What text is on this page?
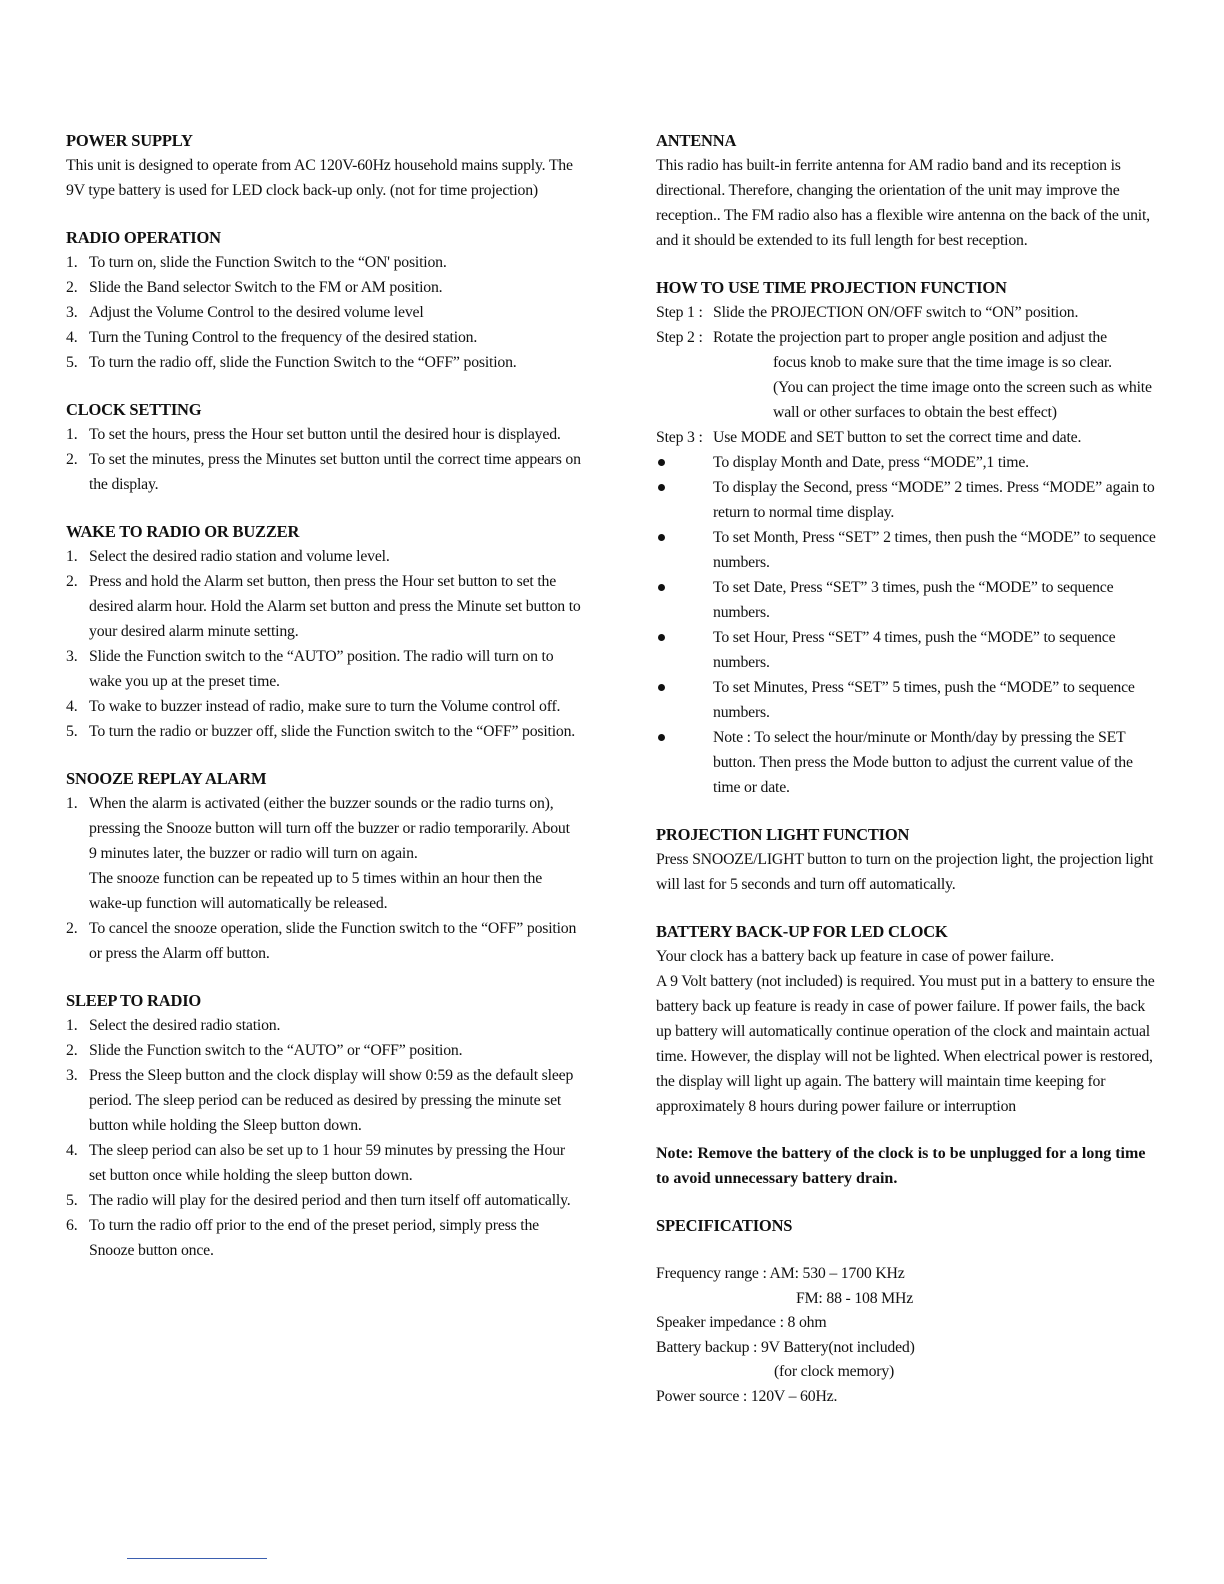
POWER SUPPLY

This unit is designed to operate from AC 120V-60Hz household mains supply. The 9V type battery is used for LED clock back-up only. (not for time projection)

RADIO OPERATION

1. To turn on, slide the Function Switch to the “ON' position.
2. Slide the Band selector Switch to the FM or AM position.
3. Adjust the Volume Control to the desired volume level
4. Turn the Tuning Control to the frequency of the desired station.
5. To turn the radio off, slide the Function Switch to the “OFF” position.

CLOCK SETTING

1. To set the hours, press the Hour set button until the desired hour is displayed.
2. To set the minutes, press the Minutes set button until the correct time appears on the display.

WAKE TO RADIO OR BUZZER

1. Select the desired radio station and volume level.
2. Press and hold the Alarm set button, then press the Hour set button to set the desired alarm hour. Hold the Alarm set button and press the Minute set button to your desired alarm minute setting.
3. Slide the Function switch to the “AUTO” position. The radio will turn on to wake you up at the preset time.
4. To wake to buzzer instead of radio, make sure to turn the Volume control off.
5. To turn the radio or buzzer off, slide the Function switch to the “OFF” position.

SNOOZE REPLAY ALARM

1. When the alarm is activated (either the buzzer sounds or the radio turns on), pressing the Snooze button will turn off the buzzer or radio temporarily. About 9 minutes later, the buzzer or radio will turn on again.
The snooze function can be repeated up to 5 times within an hour then the wake-up function will automatically be released.
2. To cancel the snooze operation, slide the Function switch to the “OFF” position or press the Alarm off button.

SLEEP TO RADIO

1. Select the desired radio station.
2. Slide the Function switch to the “AUTO” or “OFF” position.
3. Press the Sleep button and the clock display will show 0:59 as the default sleep period. The sleep period can be reduced as desired by pressing the minute set button while holding the Sleep button down.
4. The sleep period can also be set up to 1 hour 59 minutes by pressing the Hour set button once while holding the sleep button down.
5. The radio will play for the desired period and then turn itself off automatically.
6. To turn the radio off prior to the end of the preset period, simply press the Snooze button once.

ANTENNA

This radio has built-in ferrite antenna for AM radio band and its reception is directional. Therefore, changing the orientation of the unit may improve the reception.. The FM radio also has a flexible wire antenna on the back of the unit, and it should be extended to its full length for best reception.

HOW TO USE TIME PROJECTION FUNCTION

Step 1 : Slide the PROJECTION ON/OFF switch to “ON” position.
Step 2 : Rotate the projection part to proper angle position and adjust the
focus knob to make sure that the time image is so clear.
(You can project the time image onto the screen such as white
wall or other surfaces to obtain the best effect)
Step 3 : Use MODE and SET button to set the correct time and date.
To display Month and Date, press “MODE”,1 time.
To display the Second, press “MODE” 2 times. Press “MODE” again to return to normal time display.
To set Month, Press “SET” 2 times, then push the “MODE” to sequence numbers.
To set Date, Press “SET” 3 times, push the “MODE” to sequence numbers.
To set Hour, Press “SET” 4 times, push the “MODE” to sequence numbers.
To set Minutes, Press “SET” 5 times, push the “MODE” to sequence numbers.
Note : To select the hour/minute or Month/day by pressing the SET button. Then press the Mode button to adjust the current value of the time or date.

PROJECTION LIGHT FUNCTION

Press SNOOZE/LIGHT button to turn on the projection light, the projection light will last for 5 seconds and turn off automatically.

BATTERY BACK-UP FOR LED CLOCK

Your clock has a battery back up feature in case of power failure.

A 9 Volt battery (not included) is required. You must put in a battery to ensure the battery back up feature is ready in case of power failure. If power fails, the back up battery will automatically continue operation of the clock and maintain actual time. However, the display will not be lighted. When electrical power is restored, the display will light up again. The battery will maintain time keeping for approximately 8 hours during power failure or interruption

Note: Remove the battery of the clock is to be unplugged for a long time to avoid unnecessary battery drain.

SPECIFICATIONS

Frequency range : AM: 530 – 1700 KHz
FM: 88 - 108 MHz
Speaker impedance : 8 ohm
Battery backup : 9V Battery(not included)
(for clock memory)
Power source : 120V – 60Hz.
